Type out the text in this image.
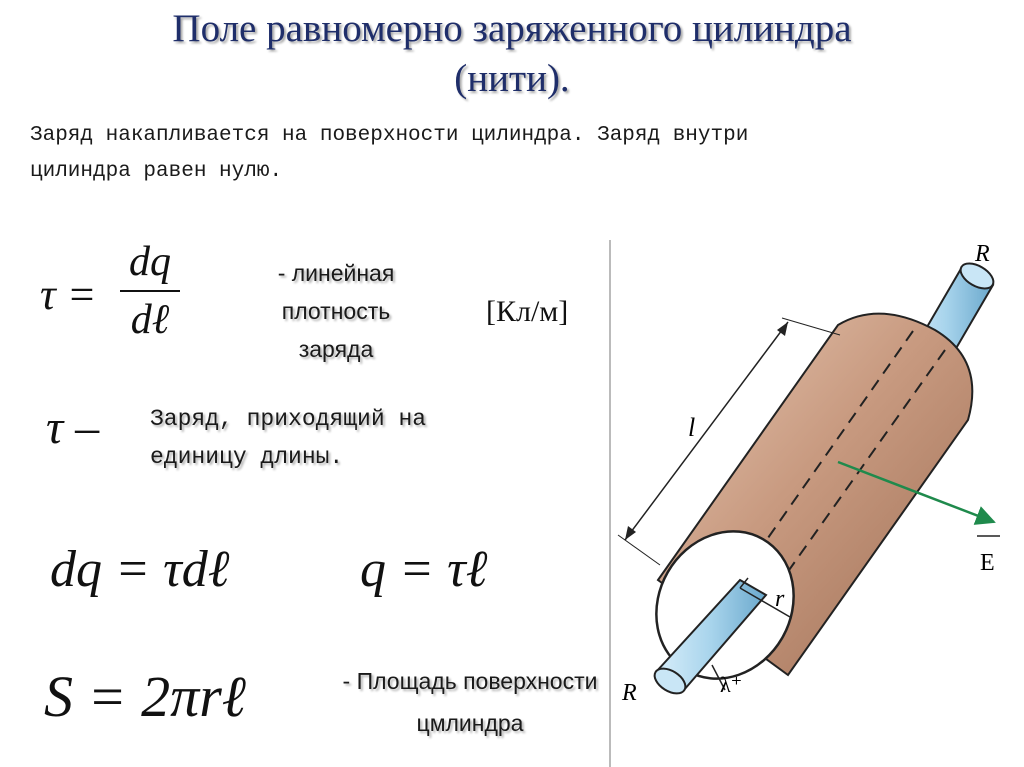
Поле равномерно заряженного цилиндра
(нити).
Заряд накапливается на поверхности цилиндра. Заряд внутри
цилиндра равен нулю.
τ =
dq
dℓ
- линейная
плотность
заряда
[Кл/м]
τ – Заряд, приходящий на
единицу длины.
dq = τdℓ	q = τℓ
S = 2πrℓ	- Площадь поверхности
цмлиндра
R
l
r
E
λ⁺
R
